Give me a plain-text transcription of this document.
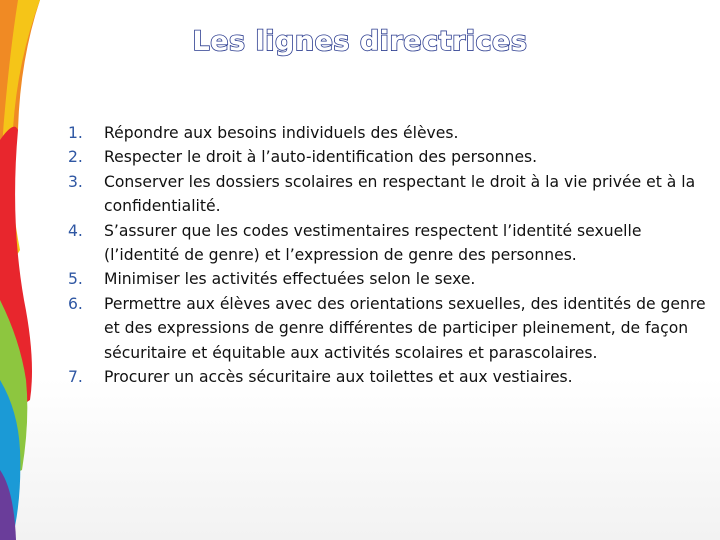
Les lignes directrices
1. Répondre aux besoins individuels des élèves.
2. Respecter le droit à l’auto-identification des personnes.
3. Conserver les dossiers scolaires en respectant le droit à la vie privée et à la confidentialité.
4. S’assurer que les codes vestimentaires respectent l’identité sexuelle (l’identité de genre) et l’expression de genre des personnes.
5. Minimiser les activités effectuées selon le sexe.
6. Permettre aux élèves avec des orientations sexuelles, des identités de genre et des expressions de genre différentes de participer pleinement, de façon sécuritaire et équitable aux activités scolaires et parascolaires.
7. Procurer un accès sécuritaire aux toilettes et aux vestiaires.
